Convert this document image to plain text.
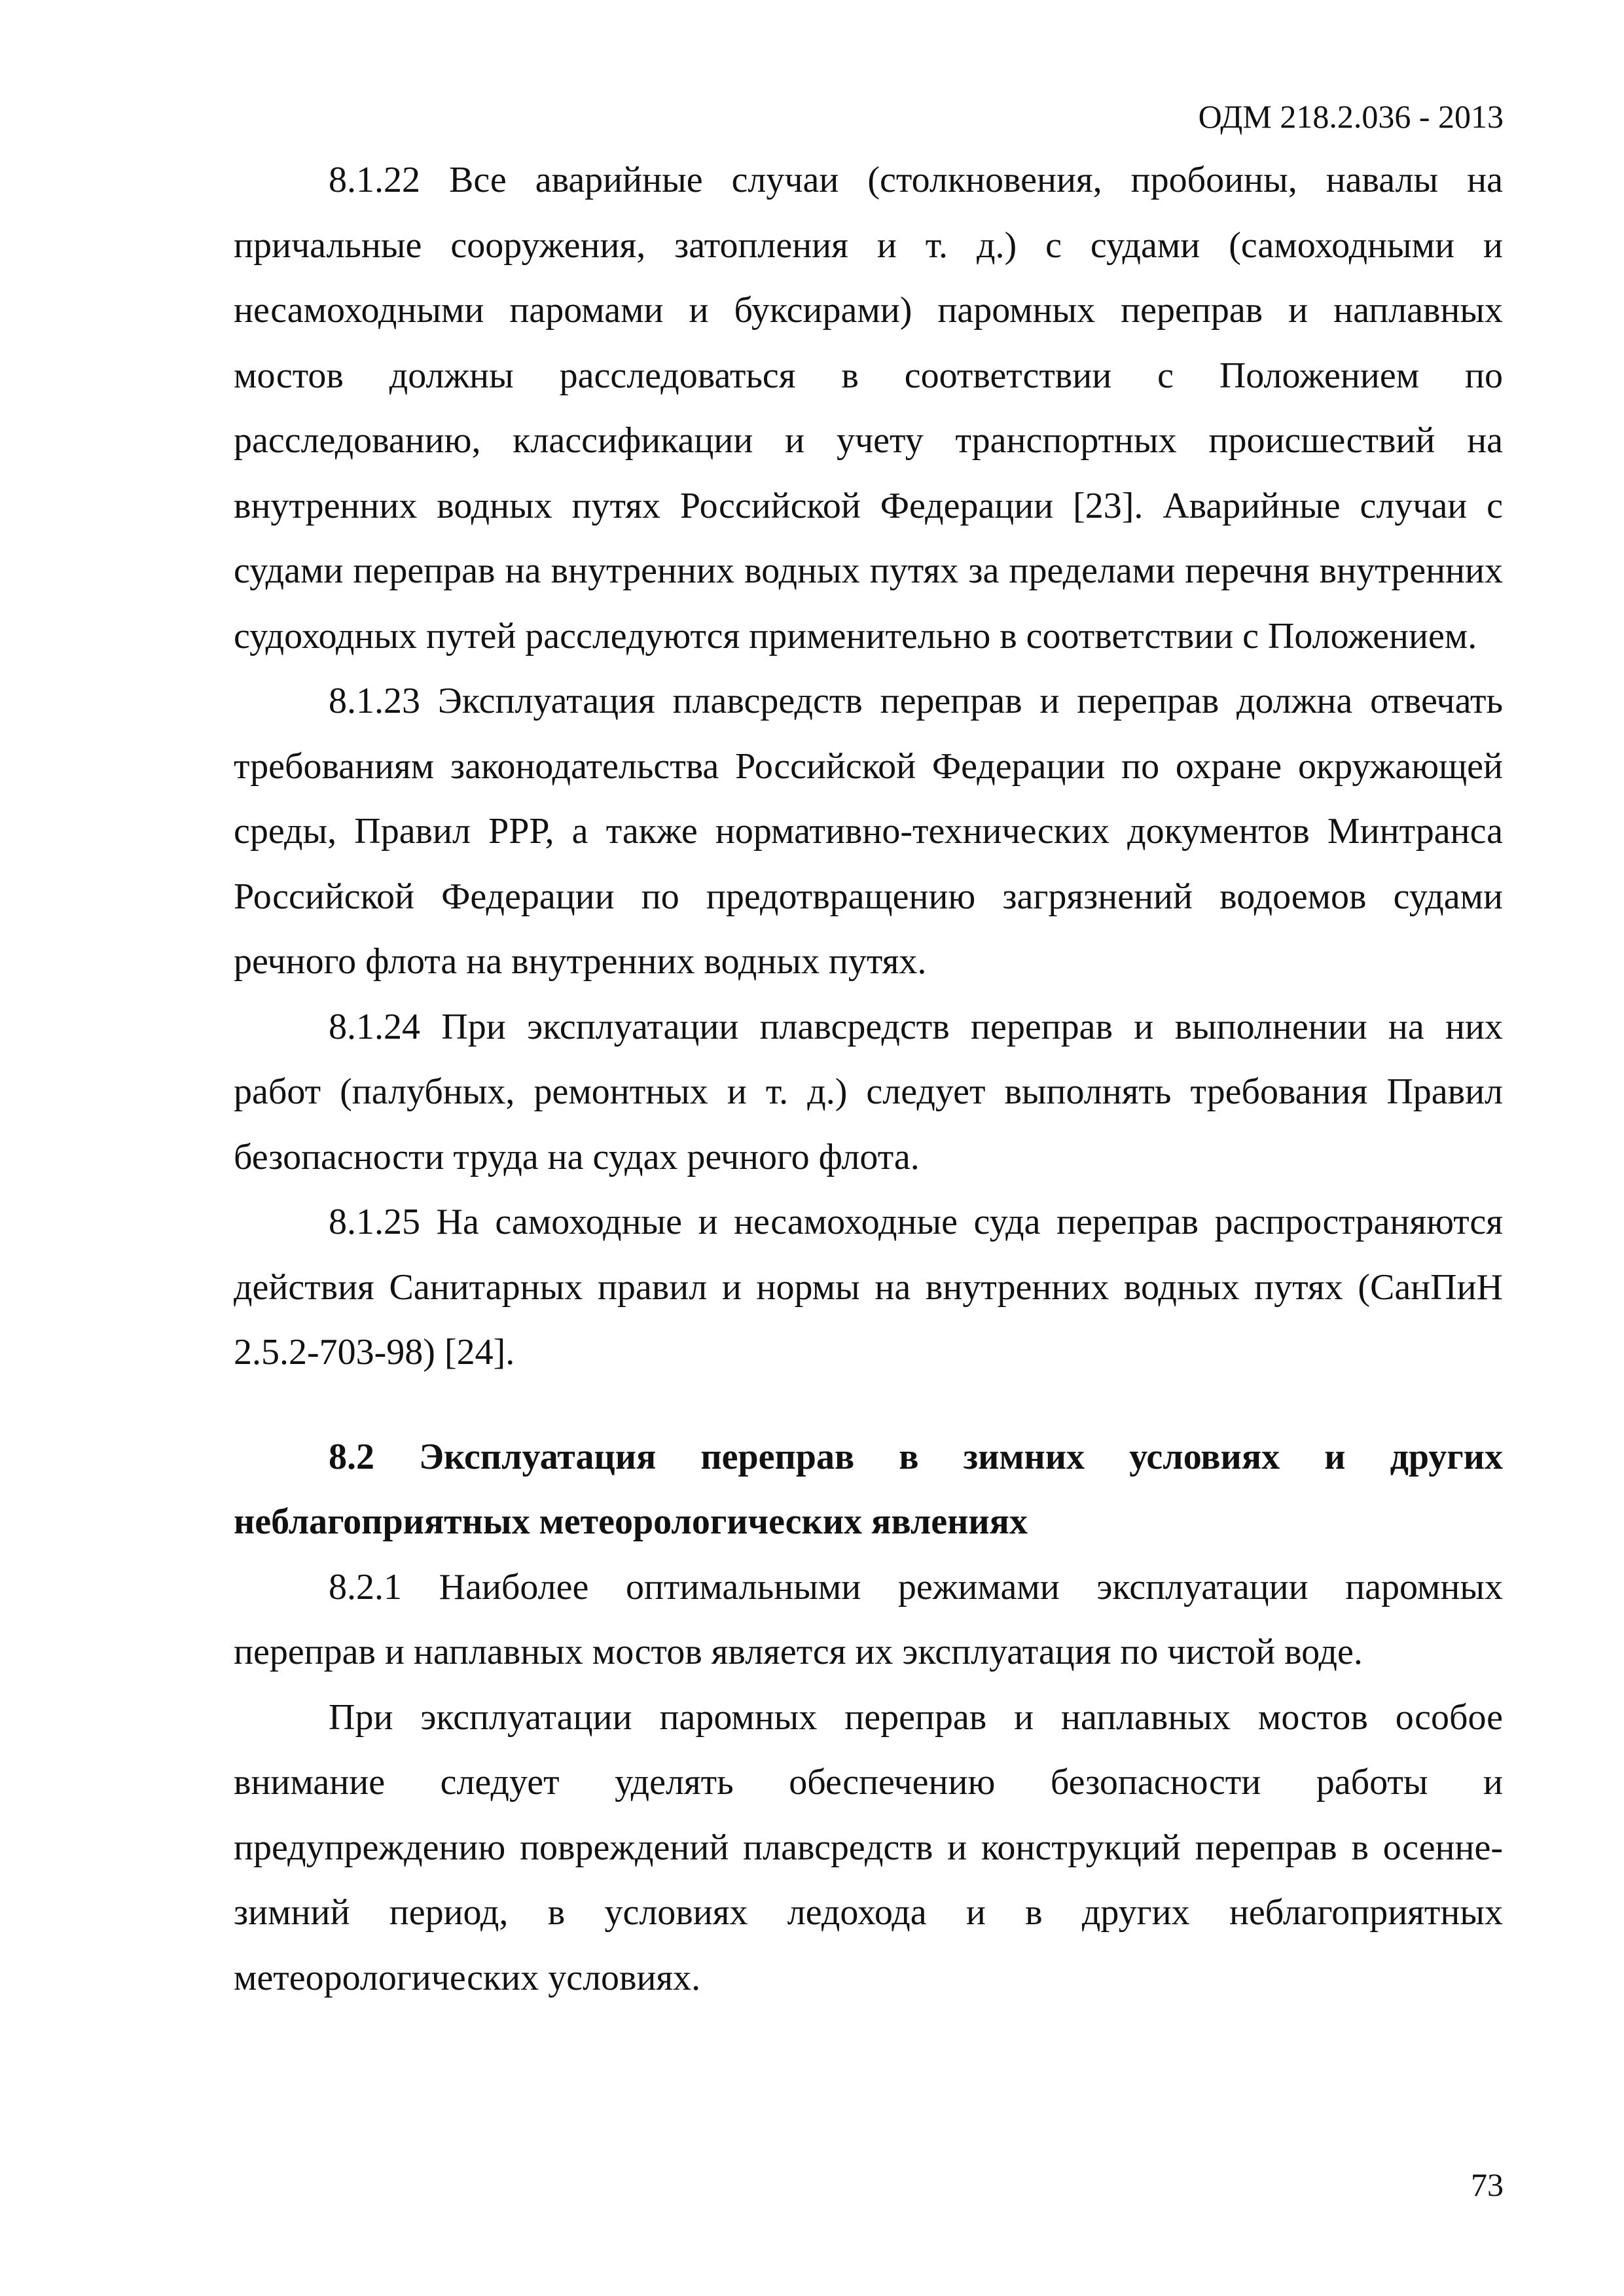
ОДМ 218.2.036 - 2013

8.1.22 Все аварийные случаи (столкновения, пробоины, навалы на причальные сооружения, затопления и т. д.) с судами (самоходными и несамоходными паромами и буксирами) паромных переправ и наплавных мостов должны расследоваться в соответствии с Положением по расследованию, классификации и учету транспортных происшествий на внутренних водных путях Российской Федерации [23]. Аварийные случаи с судами переправ на внутренних водных путях за пределами перечня внутренних судоходных путей расследуются применительно в соответствии с Положением.

8.1.23 Эксплуатация плавсредств переправ и переправ должна отвечать требованиям законодательства Российской Федерации по охране окружающей среды, Правил РРР, а также нормативно-технических документов Минтранса Российской Федерации по предотвращению загрязнений водоемов судами речного флота на внутренних водных путях.

8.1.24 При эксплуатации плавсредств переправ и выполнении на них работ (палубных, ремонтных и т. д.) следует выполнять требования Правил безопасности труда на судах речного флота.

8.1.25 На самоходные и несамоходные суда переправ распространяются действия Санитарных правил и нормы на внутренних водных путях (СанПиН 2.5.2-703-98) [24].

8.2 Эксплуатация переправ в зимних условиях и других неблагоприятных метеорологических явлениях

8.2.1 Наиболее оптимальными режимами эксплуатации паромных переправ и наплавных мостов является их эксплуатация по чистой воде.

При эксплуатации паромных переправ и наплавных мостов особое внимание следует уделять обеспечению безопасности работы и предупреждению повреждений плавсредств и конструкций переправ в осенне-зимний период, в условиях ледохода и в других неблагоприятных метеорологических условиях.

73
